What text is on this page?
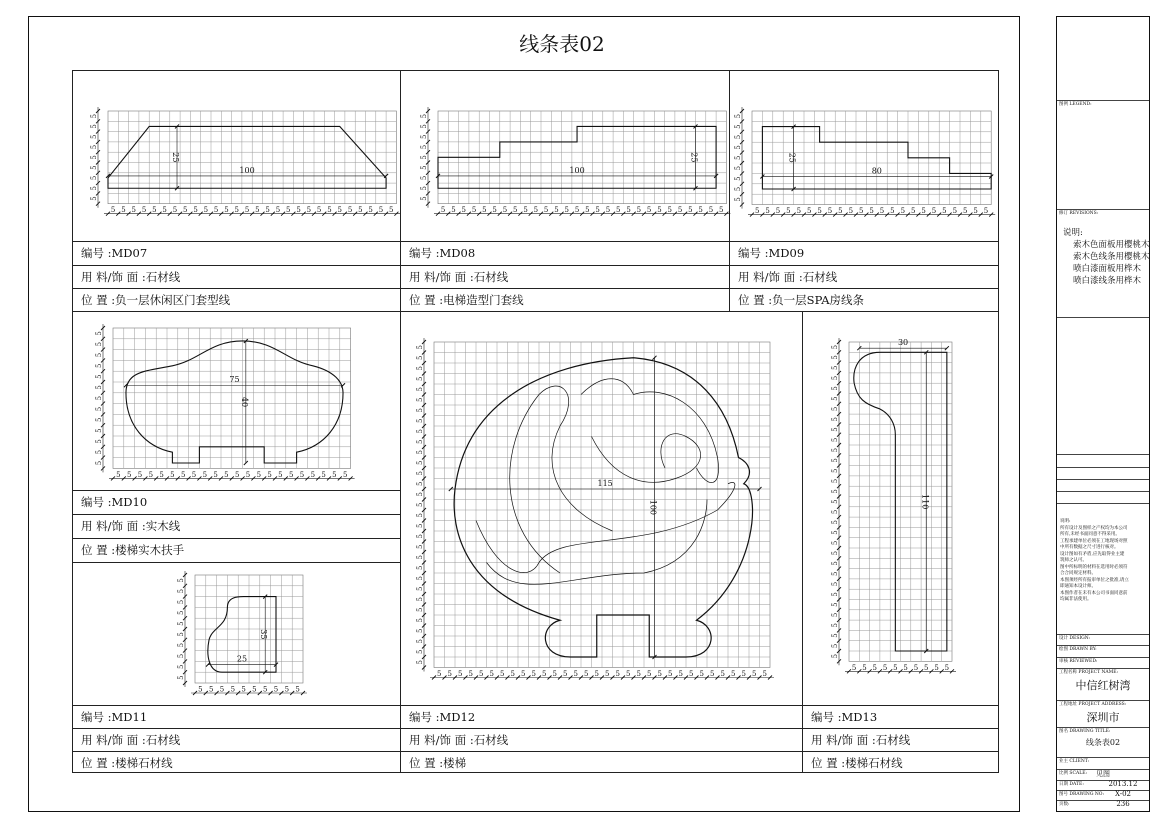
线条表02
5 5 5 5 5 5 5 5 5 5 5 5 5 5 5 5 5 5 5 5 5 5 5 5 5 5 5 5
5
5
5
5
5
5
5
5
5
100
25
编号 :MD07
用 料/饰 面 :石材线
位 置 :负一层休闲区门套型线
5 5 5 5 5 5 5 5 5 5 5 5 5 5 5 5 5 5 5 5 5 5 5 5 5 5 5 5
5
5
5
5
5
5
5
5
5
100
25
编号 :MD08
用 料/饰 面 :石材线
位 置 :电梯造型门套线
5 5 5 5 5 5 5 5 5 5 5 5 5 5 5 5 5 5 5 5 5 5 5
5
5
5
5
5
5
5
5
5
80
25
编号 :MD09
用 料/饰 面 :石材线
位 置 :负一层SPA房线条
5 5 5 5 5 5 5 5 5 5 5 5 5 5 5 5 5 5 5 5 5 5
5
5
5
5
5
5
5
5
5
5
5
5
5
75
40
编号 :MD10
用 料/饰 面 :实木线
位 置 :楼梯实木扶手
5 5 5 5 5 5 5 5 5 5
5
5
5
5
5
5
5
5
5
5
25
35
编号 :MD11
用 料/饰 面 :石材线
位 置 :楼梯石材线
5 5 5 5 5 5 5 5 5 5 5 5 5 5 5 5 5 5 5 5 5 5 5 5 5 5 5 5 5 5 5 5
5
5
5
5
5
5
5
5
5
5
5
5
5
5
5
5
5
5
5
5
5
5
5
5
5
5
5
5
5
5
5
115
100
编号 :MD12
用 料/饰 面 :石材线
位 置 :楼梯
5 5 5 5 5 5 5 5 5 5
5
5
5
5
5
5
5
5
5
5
5
5
5
5
5
5
5
5
5
5
5
5
5
5
5
5
5
5
5
5
5
30
110
编号 :MD13
用 料/饰 面 :石材线
位 置 :楼梯石材线
图例 LEGEND:
修订 REVISIONS:
说明:
索木色面板用樱桃木
索木色线条用樱桃木
喷白漆面板用桦木
喷白漆线条用桦木
说明:
所有设计及图样之产权均为本公司
所有,未经书面同意不得采用。
工程承建单位必须在工地现场对照
中所有数据之尺寸进行核对。
设计图如有矛盾,应先取得业主建
筑师之认可。
图中所标明的材料在选用时必须符
合合同规定材料。
本图须经所有报审单位之批准,请立
即通知本设计师。
本图作者在未有本公司书面同意前
均属非法使用。
设计 DESIGN:
绘图 DRAWN BY:
审核 REVIEWED:
工程名称 PROJECT NAME:
中信红树湾
工程地址 PROJECT ADDRESS:
深圳市
图名 DRAWING TITLE:
线条表02
业主 CLIENT:
比例 SCALE:	见图
日期 DATE:	2013.12
图号 DRAWING NO:	X-02
页数:	236
